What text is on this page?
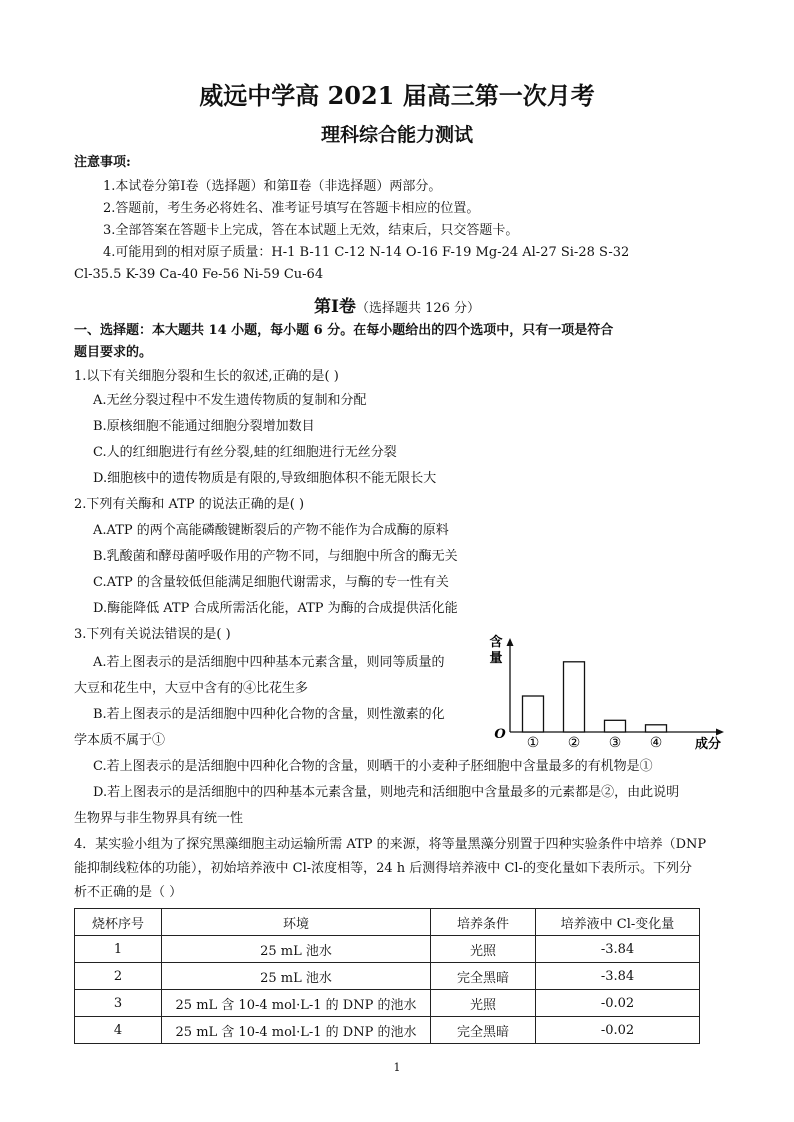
威远中学高 2021 届高三第一次月考
理科综合能力测试
注意事项:
1.本试卷分第Ⅰ卷（选择题）和第Ⅱ卷（非选择题）两部分。
2.答题前，考生务必将姓名、准考证号填写在答题卡相应的位置。
3.全部答案在答题卡上完成，答在本试题上无效，结束后，只交答题卡。
4.可能用到的相对原子质量：H-1 B-11 C-12 N-14 O-16 F-19 Mg-24 Al-27 Si-28 S-32
Cl-35.5 K-39 Ca-40 Fe-56 Ni-59 Cu-64
第Ⅰ卷（选择题共 126 分）
一、选择题：本大题共 14 小题，每小题 6 分。在每小题给出的四个选项中，只有一项是符合
题目要求的。
1.以下有关细胞分裂和生长的叙述,正确的是( )
A.无丝分裂过程中不发生遗传物质的复制和分配
B.原核细胞不能通过细胞分裂增加数目
C.人的红细胞进行有丝分裂,蛙的红细胞进行无丝分裂
D.细胞核中的遗传物质是有限的,导致细胞体积不能无限长大
2.下列有关酶和 ATP 的说法正确的是( )
A.ATP 的两个高能磷酸键断裂后的产物不能作为合成酶的原料
B.乳酸菌和酵母菌呼吸作用的产物不同，与细胞中所含的酶无关
C.ATP 的含量较低但能满足细胞代谢需求，与酶的专一性有关
D.酶能降低 ATP 合成所需活化能，ATP 为酶的合成提供活化能
3.下列有关说法错误的是( )
A.若上图表示的是活细胞中四种基本元素含量，则同等质量的
大豆和花生中，大豆中含有的④比花生多
B.若上图表示的是活细胞中四种化合物的含量，则性激素的化
学本质不属于①
C.若上图表示的是活细胞中四种化合物的含量，则晒干的小麦种子胚细胞中含量最多的有机物是①
D.若上图表示的是活细胞中的四种基本元素含量，则地壳和活细胞中含量最多的元素都是②，由此说明
生物界与非生物界具有统一性
含
量
O
成分
① ② ③ ④
4．某实验小组为了探究黑藻细胞主动运输所需 ATP 的来源，将等量黑藻分别置于四种实验条件中培养（DNP
能抑制线粒体的功能），初始培养液中 Cl-浓度相等，24 h 后测得培养液中 Cl-的变化量如下表所示。下列分
析不正确的是（ ）
烧杯序号	环境	培养条件	培养液中 Cl-变化量
1	25 mL 池水	光照	-3.84
2	25 mL 池水	完全黑暗	-3.84
3	25 mL 含 10-4 mol·L-1 的 DNP 的池水	光照	-0.02
4	25 mL 含 10-4 mol·L-1 的 DNP 的池水	完全黑暗	-0.02
1
